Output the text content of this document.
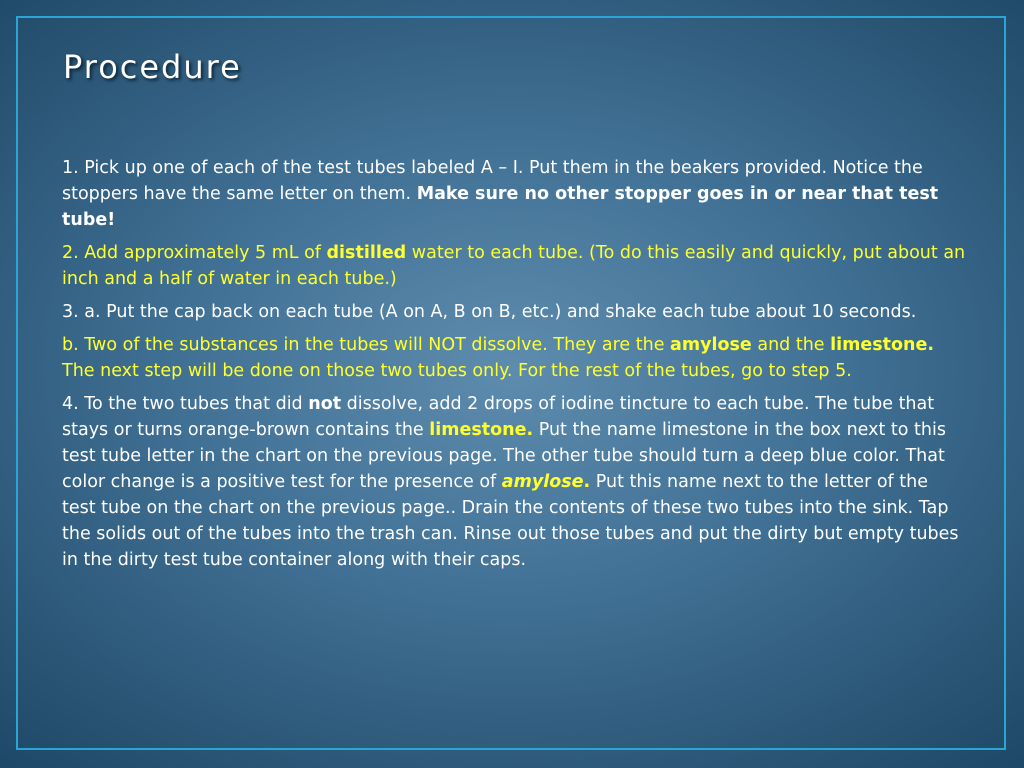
Procedure

1. Pick up one of each of the test tubes labeled A – I. Put them in the beakers provided. Notice the stoppers have the same letter on them. Make sure no other stopper goes in or near that test tube!

2. Add approximately 5 mL of distilled water to each tube. (To do this easily and quickly, put about an inch and a half of water in each tube.)

3. a. Put the cap back on each tube (A on A, B on B, etc.) and shake each tube about 10 seconds.

b. Two of the substances in the tubes will NOT dissolve. They are the amylose and the limestone. The next step will be done on those two tubes only. For the rest of the tubes, go to step 5.

4. To the two tubes that did not dissolve, add 2 drops of iodine tincture to each tube. The tube that stays or turns orange-brown contains the limestone. Put the name limestone in the box next to this test tube letter in the chart on the previous page. The other tube should turn a deep blue color. That color change is a positive test for the presence of amylose. Put this name next to the letter of the test tube on the chart on the previous page.. Drain the contents of these two tubes into the sink. Tap the solids out of the tubes into the trash can. Rinse out those tubes and put the dirty but empty tubes in the dirty test tube container along with their caps.
